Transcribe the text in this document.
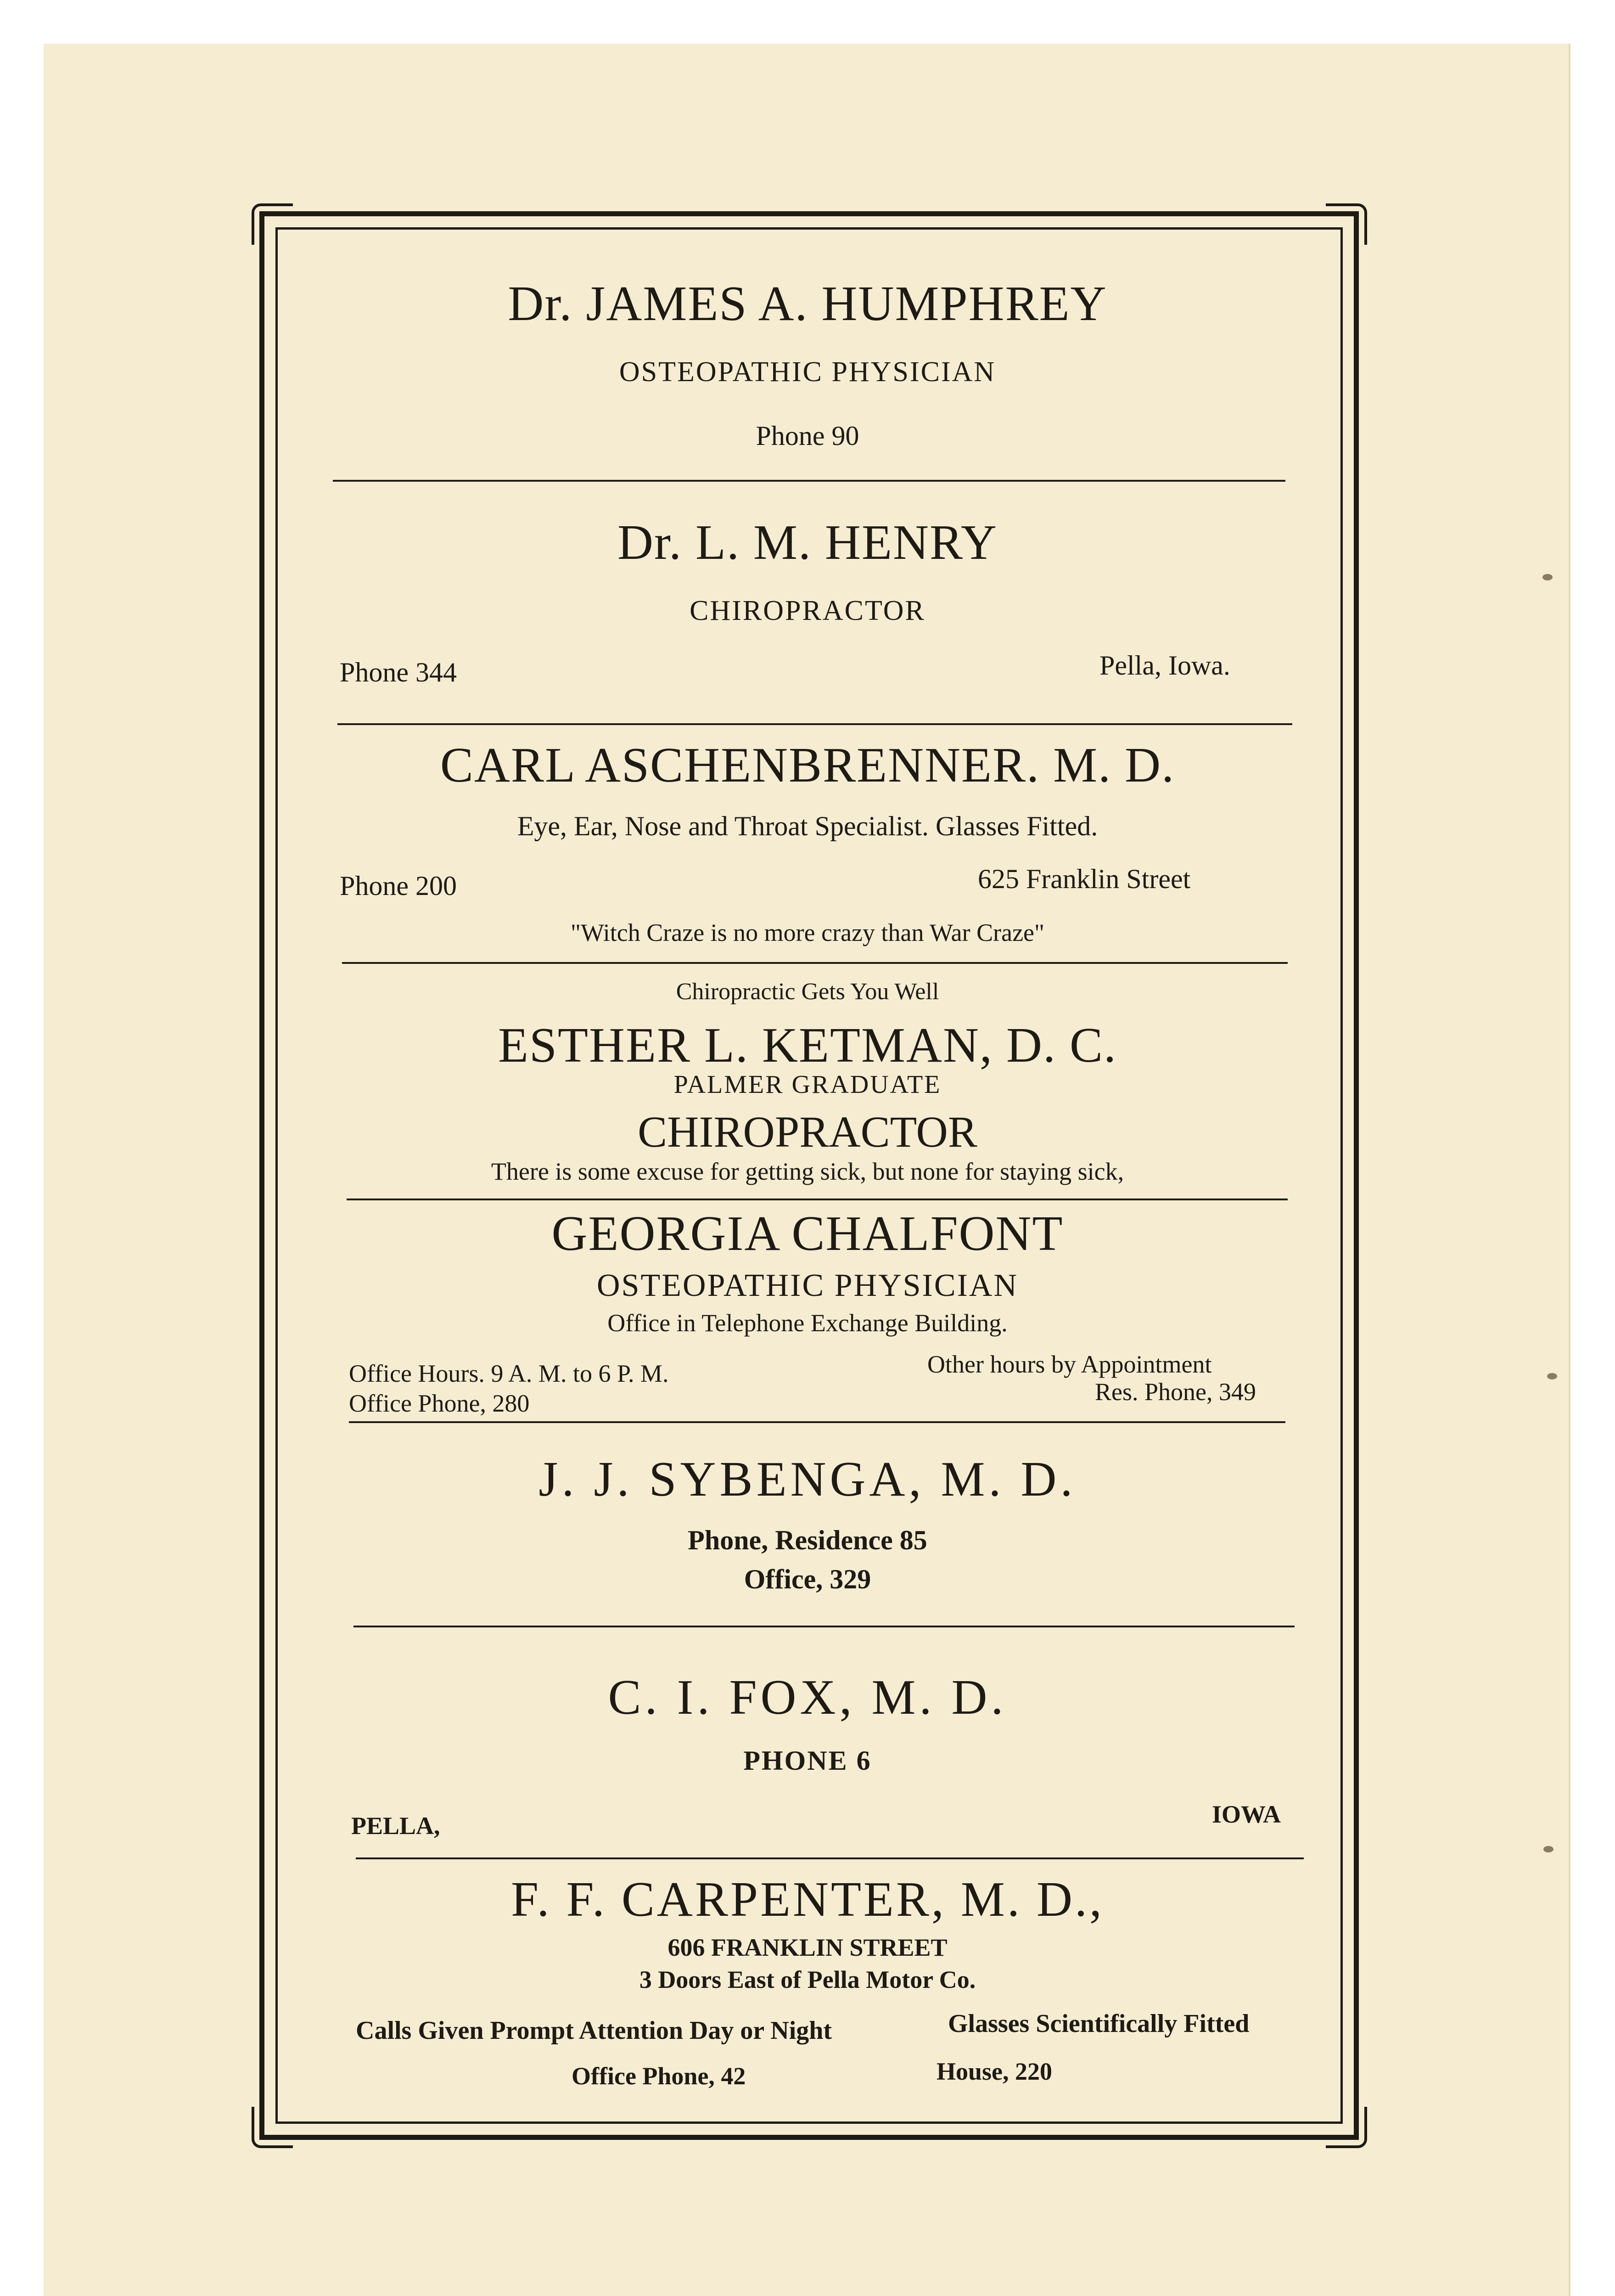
Dr. JAMES A. HUMPHREY
OSTEOPATHIC PHYSICIAN
Phone 90
Dr. L. M. HENRY
CHIROPRACTOR
Phone 344	Pella, Iowa.
CARL ASCHENBRENNER. M. D.
Eye, Ear, Nose and Throat Specialist. Glasses Fitted.
Phone 200	625 Franklin Street
"Witch Craze is no more crazy than War Craze"
Chiropractic Gets You Well
ESTHER L. KETMAN, D. C.
PALMER GRADUATE
CHIROPRACTOR
There is some excuse for getting sick, but none for staying sick,
GEORGIA CHALFONT
OSTEOPATHIC PHYSICIAN
Office in Telephone Exchange Building.
Office Hours. 9 A. M. to 6 P. M.	Other hours by Appointment
Office Phone, 280	Res. Phone, 349
J. J. SYBENGA, M. D.
Phone, Residence 85
Office, 329
C. I. FOX, M. D.
PHONE 6
PELLA,	IOWA
F. F. CARPENTER, M. D.,
606 FRANKLIN STREET
3 Doors East of Pella Motor Co.
Calls Given Prompt Attention Day or Night	Glasses Scientifically Fitted
Office Phone, 42	House, 220
